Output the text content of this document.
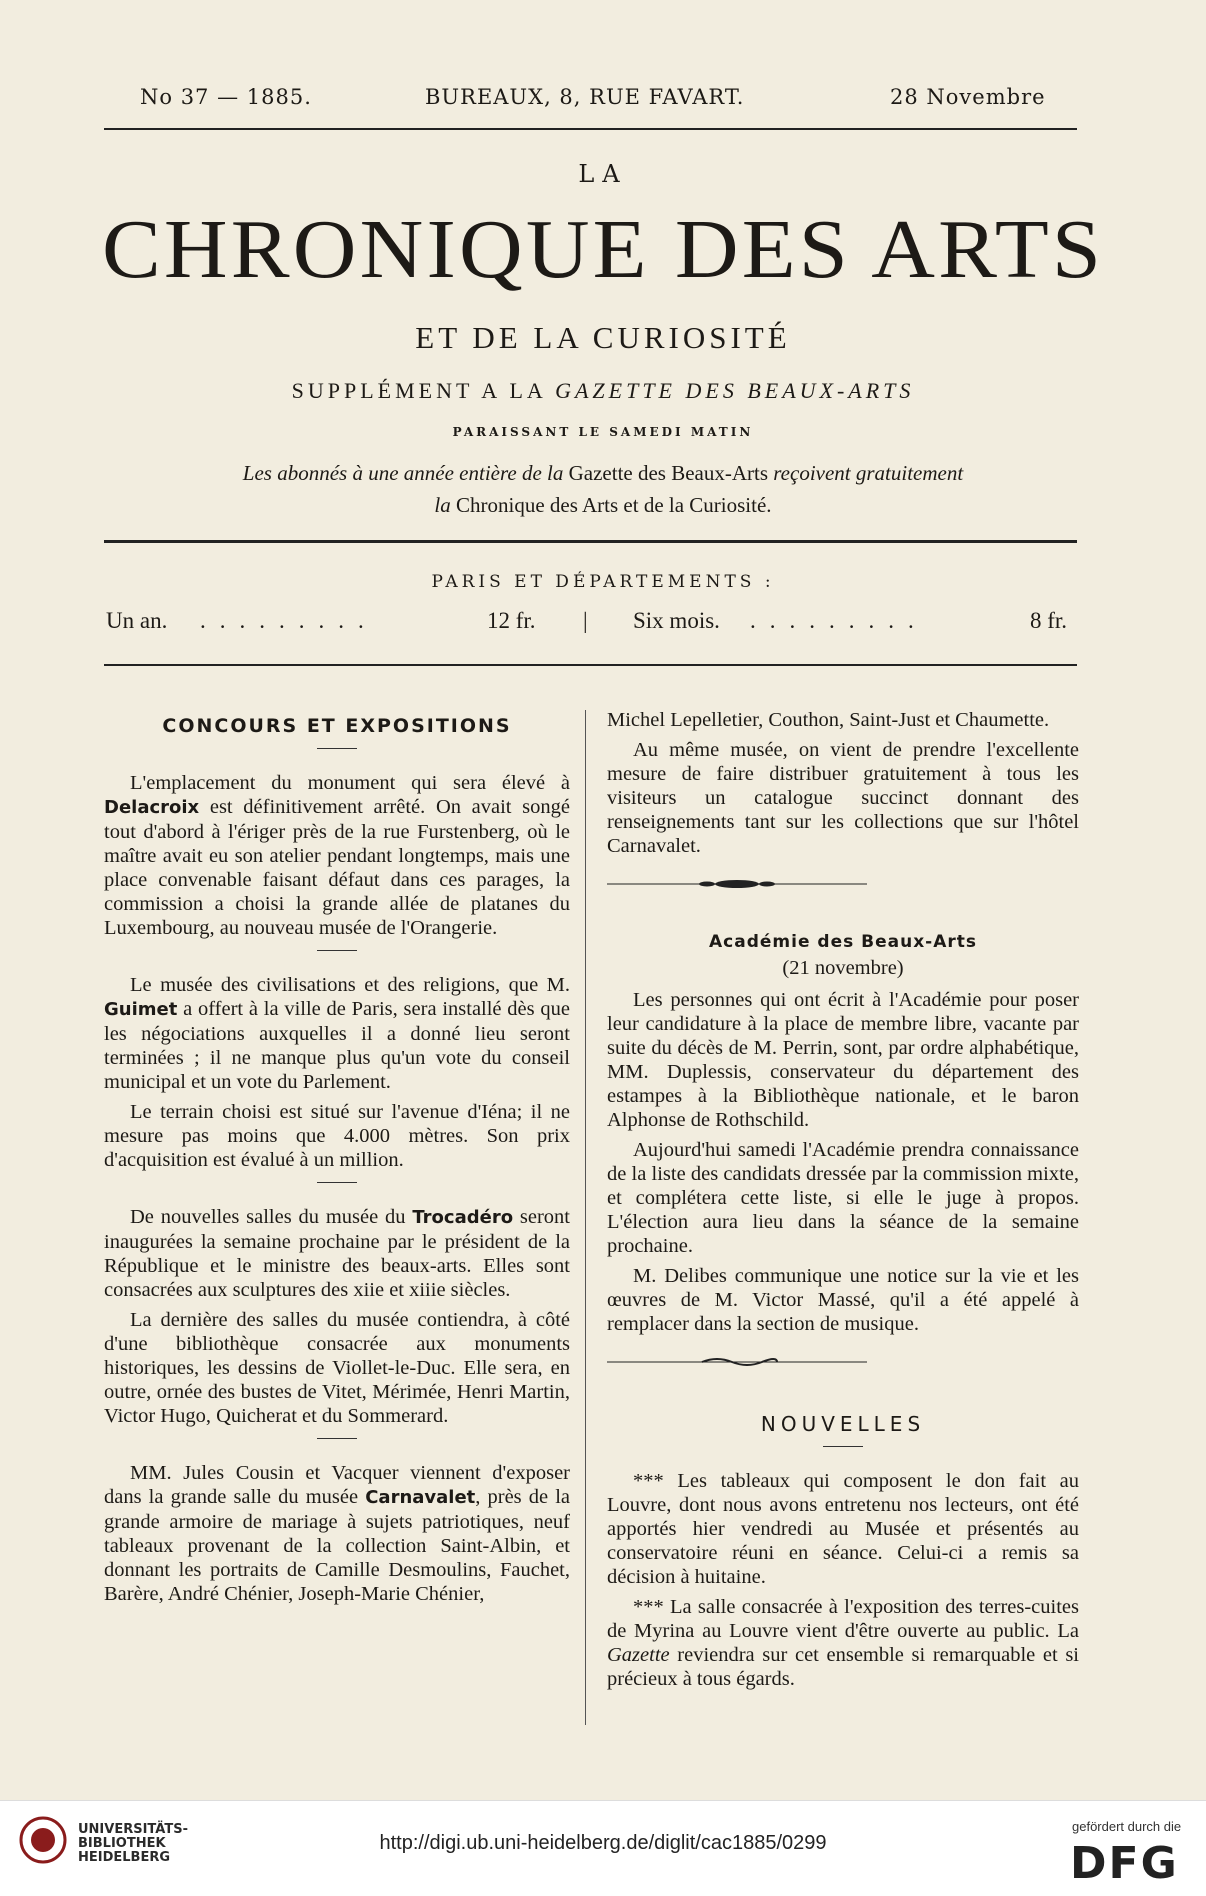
No 37 — 1885.	BUREAUX, 8, RUE FAVART.	28 Novembre
LA
CHRONIQUE DES ARTS
ET DE LA CURIOSITÉ
SUPPLÉMENT A LA GAZETTE DES BEAUX-ARTS
PARAISSANT LE SAMEDI MATIN
Les abonnés à une année entière de la Gazette des Beaux-Arts reçoivent gratuitement
la Chronique des Arts et de la Curiosité.
PARIS ET DÉPARTEMENTS :
Un an. .........	12 fr. | Six mois. .........	8 fr.
CONCOURS ET EXPOSITIONS

L'emplacement du monument qui sera élevé à Delacroix est définitivement arrêté. On avait songé tout d'abord à l'ériger près de la rue Furstenberg, où le maître avait eu son atelier pendant longtemps, mais une place convenable faisant défaut dans ces parages, la commission a choisi la grande allée de platanes du Luxembourg, au nouveau musée de l'Orangerie.

Le musée des civilisations et des religions, que M. Guimet a offert à la ville de Paris, sera installé dès que les négociations auxquelles il a donné lieu seront terminées ; il ne manque plus qu'un vote du conseil municipal et un vote du Parlement.

Le terrain choisi est situé sur l'avenue d'Iéna; il ne mesure pas moins que 4.000 mètres. Son prix d'acquisition est évalué à un million.

De nouvelles salles du musée du Trocadéro seront inaugurées la semaine prochaine par le président de la République et le ministre des beaux-arts. Elles sont consacrées aux sculptures des xiie et xiiie siècles.

La dernière des salles du musée contiendra, à côté d'une bibliothèque consacrée aux monuments historiques, les dessins de Viollet-le-Duc. Elle sera, en outre, ornée des bustes de Vitet, Mérimée, Henri Martin, Victor Hugo, Quicherat et du Sommerard.

MM. Jules Cousin et Vacquer viennent d'exposer dans la grande salle du musée Carnavalet, près de la grande armoire de mariage à sujets patriotiques, neuf tableaux provenant de la collection Saint-Albin, et donnant les portraits de Camille Desmoulins, Fauchet, Barère, André Chénier, Joseph-Marie Chénier,

Michel Lepelletier, Couthon, Saint-Just et Chaumette.

Au même musée, on vient de prendre l'excellente mesure de faire distribuer gratuitement à tous les visiteurs un catalogue succinct donnant des renseignements tant sur les collections que sur l'hôtel Carnavalet.

Académie des Beaux-Arts
(21 novembre)

Les personnes qui ont écrit à l'Académie pour poser leur candidature à la place de membre libre, vacante par suite du décès de M. Perrin, sont, par ordre alphabétique, MM. Duplessis, conservateur du département des estampes à la Bibliothèque nationale, et le baron Alphonse de Rothschild.

Aujourd'hui samedi l'Académie prendra connaissance de la liste des candidats dressée par la commission mixte, et complétera cette liste, si elle le juge à propos. L'élection aura lieu dans la séance de la semaine prochaine.

M. Delibes communique une notice sur la vie et les œuvres de M. Victor Massé, qu'il a été appelé à remplacer dans la section de musique.

NOUVELLES

*** Les tableaux qui composent le don fait au Louvre, dont nous avons entretenu nos lecteurs, ont été apportés hier vendredi au Musée et présentés au conservatoire réuni en séance. Celui-ci a remis sa décision à huitaine.

*** La salle consacrée à l'exposition des terres-cuites de Myrina au Louvre vient d'être ouverte au public. La Gazette reviendra sur cet ensemble si remarquable et si précieux à tous égards.

UNIVERSITÄTS-
BIBLIOTHEK
HEIDELBERG
http://digi.ub.uni-heidelberg.de/diglit/cac1885/0299
gefördert durch die
DFG
